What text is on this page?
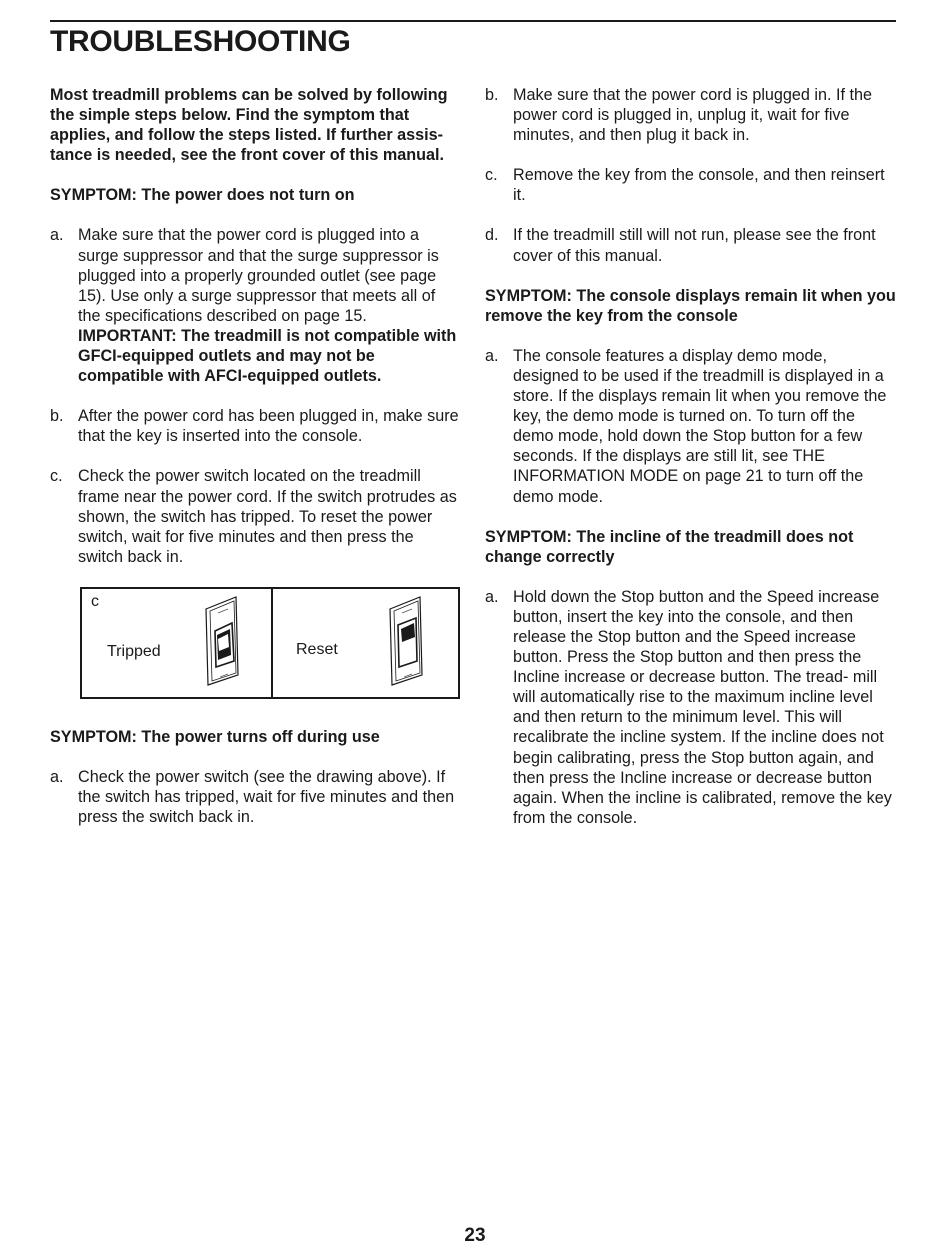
TROUBLESHOOTING

Most treadmill problems can be solved by following the simple steps below. Find the symptom that applies, and follow the steps listed. If further assis- tance is needed, see the front cover of this manual.

SYMPTOM: The power does not turn on

a. Make sure that the power cord is plugged into a surge suppressor and that the surge suppressor is plugged into a properly grounded outlet (see page 15). Use only a surge suppressor that meets all of the specifications described on page 15. IMPORTANT: The treadmill is not compatible with GFCI-equipped outlets and may not be compatible with AFCI-equipped outlets.
b. After the power cord has been plugged in, make sure that the key is inserted into the console.
c. Check the power switch located on the treadmill frame near the power cord. If the switch protrudes as shown, the switch has tripped. To reset the power switch, wait for five minutes and then press the switch back in.
c
Tripped	Reset

SYMPTOM: The power turns off during use

a. Check the power switch (see the drawing above). If the switch has tripped, wait for five minutes and then press the switch back in.
b. Make sure that the power cord is plugged in. If the power cord is plugged in, unplug it, wait for five minutes, and then plug it back in.
c. Remove the key from the console, and then reinsert it.
d. If the treadmill still will not run, please see the front cover of this manual.

SYMPTOM: The console displays remain lit when you remove the key from the console

a. The console features a display demo mode, designed to be used if the treadmill is displayed in a store. If the displays remain lit when you remove the key, the demo mode is turned on. To turn off the demo mode, hold down the Stop button for a few seconds. If the displays are still lit, see THE INFORMATION MODE on page 21 to turn off the demo mode.

SYMPTOM: The incline of the treadmill does not change correctly

a. Hold down the Stop button and the Speed increase button, insert the key into the console, and then release the Stop button and the Speed increase button. Press the Stop button and then press the Incline increase or decrease button. The tread- mill will automatically rise to the maximum incline level and then return to the minimum level. This will recalibrate the incline system. If the incline does not begin calibrating, press the Stop button again, and then press the Incline increase or decrease button again. When the incline is calibrated, remove the key from the console.
23
